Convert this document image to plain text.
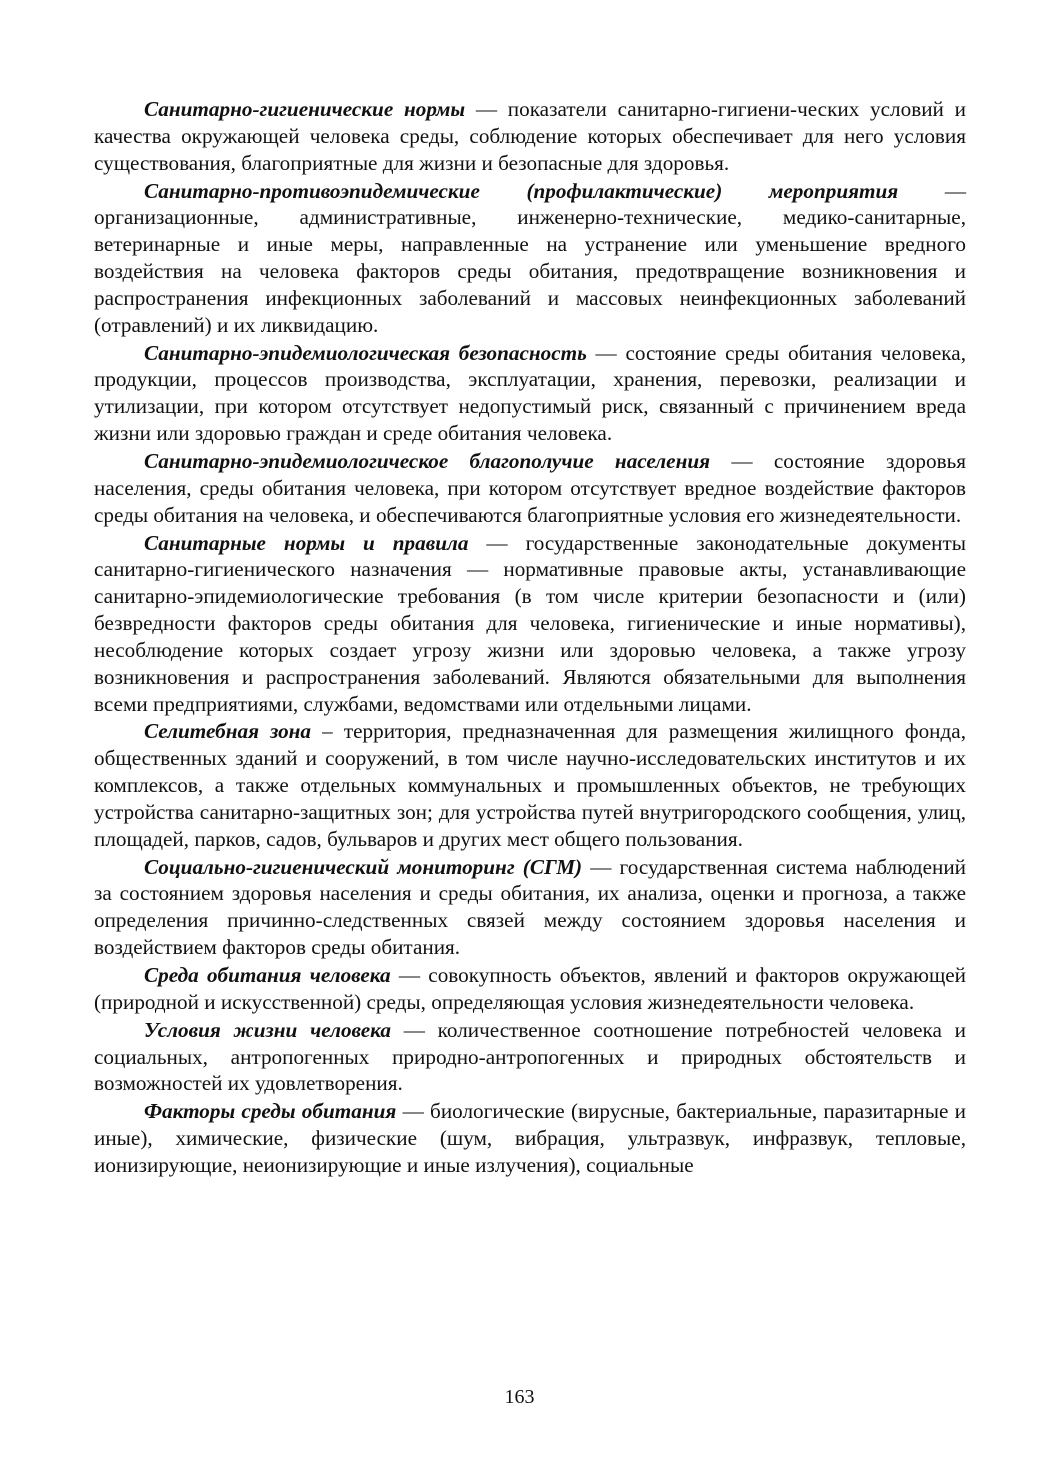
Санитарно-гигиенические нормы — показатели санитарно-гигиени-ческих условий и качества окружающей человека среды, соблюдение которых обеспечивает для него условия существования, благоприятные для жизни и безопасные для здоровья.

Санитарно-противоэпидемические (профилактические) мероприятия — организационные, административные, инженерно-технические, медико-санитарные, ветеринарные и иные меры, направленные на устранение или уменьшение вредного воздействия на человека факторов среды обитания, предотвращение возникновения и распространения инфекционных заболеваний и массовых неинфекционных заболеваний (отравлений) и их ликвидацию.

Санитарно-эпидемиологическая безопасность — состояние среды обитания человека, продукции, процессов производства, эксплуатации, хранения, перевозки, реализации и утилизации, при котором отсутствует недопустимый риск, связанный с причинением вреда жизни или здоровью граждан и среде обитания человека.

Санитарно-эпидемиологическое благополучие населения — состояние здоровья населения, среды обитания человека, при котором отсутствует вредное воздействие факторов среды обитания на человека, и обеспечиваются благоприятные условия его жизнедеятельности.

Санитарные нормы и правила — государственные законодательные документы санитарно-гигиенического назначения — нормативные правовые акты, устанавливающие санитарно-эпидемиологические требования (в том числе критерии безопасности и (или) безвредности факторов среды обитания для человека, гигиенические и иные нормативы), несоблюдение которых создает угрозу жизни или здоровью человека, а также угрозу возникновения и распространения заболеваний. Являются обязательными для выполнения всеми предприятиями, службами, ведомствами или отдельными лицами.

Селитебная зона – территория, предназначенная для размещения жилищного фонда, общественных зданий и сооружений, в том числе научно-исследовательских институтов и их комплексов, а также отдельных коммунальных и промышленных объектов, не требующих устройства санитарно-защитных зон; для устройства путей внутригородского сообщения, улиц, площадей, парков, садов, бульваров и других мест общего пользования.

Социально-гигиенический мониторинг (СГМ) — государственная система наблюдений за состоянием здоровья населения и среды обитания, их анализа, оценки и прогноза, а также определения причинно-следственных связей между состоянием здоровья населения и воздействием факторов среды обитания.

Среда обитания человека — совокупность объектов, явлений и факторов окружающей (природной и искусственной) среды, определяющая условия жизнедеятельности человека.

Условия жизни человека — количественное соотношение потребностей человека и социальных, антропогенных природно-антропогенных и природных обстоятельств и возможностей их удовлетворения.

Факторы среды обитания — биологические (вирусные, бактериальные, паразитарные и иные), химические, физические (шум, вибрация, ультразвук, инфразвук, тепловые, ионизирующие, неионизирующие и иные излучения), социальные

163
